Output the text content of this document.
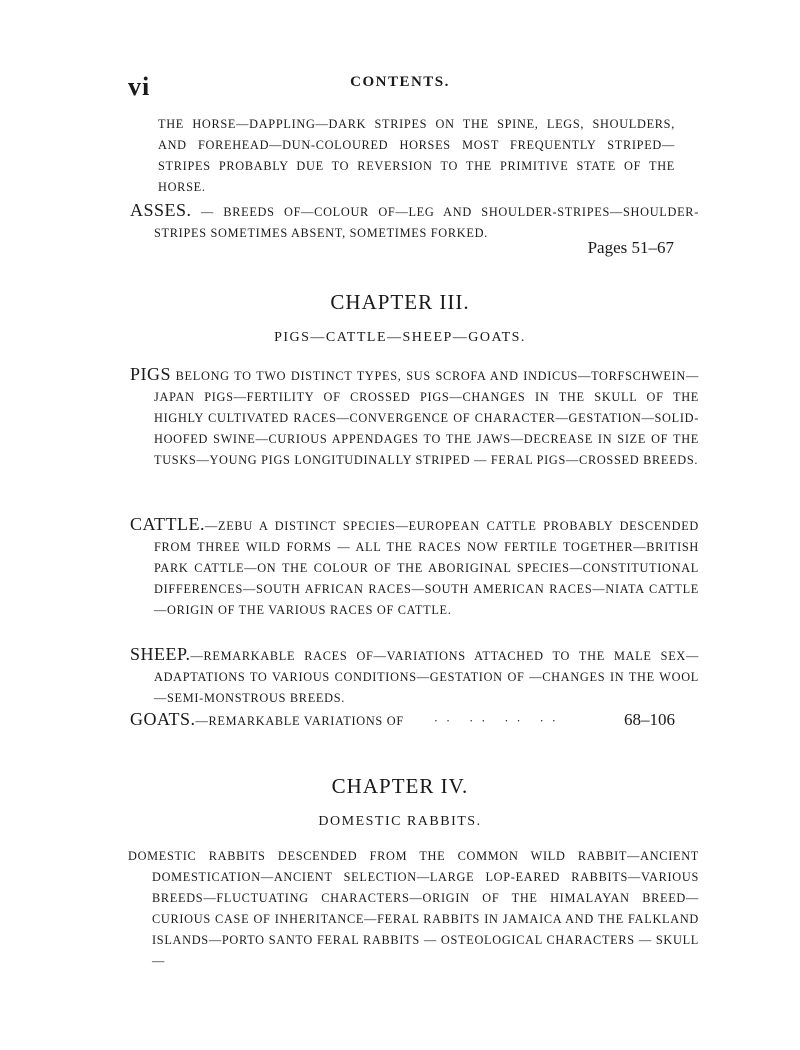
vi	CONTENTS.
THE HORSE—DAPPLING—DARK STRIPES ON THE SPINE, LEGS, SHOULDERS, AND FOREHEAD—DUN-COLOURED HORSES MOST FREQUENTLY STRIPED—STRIPES PROBABLY DUE TO REVERSION TO THE PRIMITIVE STATE OF THE HORSE.
ASSES. — BREEDS OF—COLOUR OF—LEG AND SHOULDER-STRIPES—SHOULDER-STRIPES SOMETIMES ABSENT, SOMETIMES FORKED.
Pages 51–67
CHAPTER III.
PIGS—CATTLE—SHEEP—GOATS.
PIGS BELONG TO TWO DISTINCT TYPES, SUS SCROFA AND INDICUS—TORFSCHWEIN—JAPAN PIGS—FERTILITY OF CROSSED PIGS—CHANGES IN THE SKULL OF THE HIGHLY CULTIVATED RACES—CONVERGENCE OF CHARACTER—GESTATION—SOLID-HOOFED SWINE—CURIOUS APPENDAGES TO THE JAWS—DECREASE IN SIZE OF THE TUSKS—YOUNG PIGS LONGITUDINALLY STRIPED — FERAL PIGS—CROSSED BREEDS.
CATTLE.—ZEBU A DISTINCT SPECIES—EUROPEAN CATTLE PROBABLY DESCENDED FROM THREE WILD FORMS — ALL THE RACES NOW FERTILE TOGETHER—BRITISH PARK CATTLE—ON THE COLOUR OF THE ABORIGINAL SPECIES—CONSTITUTIONAL DIFFERENCES—SOUTH AFRICAN RACES—SOUTH AMERICAN RACES—NIATA CATTLE—ORIGIN OF THE VARIOUS RACES OF CATTLE.
SHEEP.—REMARKABLE RACES OF—VARIATIONS ATTACHED TO THE MALE SEX—ADAPTATIONS TO VARIOUS CONDITIONS—GESTATION OF —CHANGES IN THE WOOL—SEMI-MONSTROUS BREEDS.
GOATS.—REMARKABLE VARIATIONS OF ·· ·· ·· ··	68–106
CHAPTER IV.
DOMESTIC RABBITS.
DOMESTIC RABBITS DESCENDED FROM THE COMMON WILD RABBIT—ANCIENT DOMESTICATION—ANCIENT SELECTION—LARGE LOP-EARED RABBITS—VARIOUS BREEDS—FLUCTUATING CHARACTERS—ORIGIN OF THE HIMALAYAN BREED—CURIOUS CASE OF INHERITANCE—FERAL RABBITS IN JAMAICA AND THE FALKLAND ISLANDS—PORTO SANTO FERAL RABBITS — OSTEOLOGICAL CHARACTERS — SKULL—
